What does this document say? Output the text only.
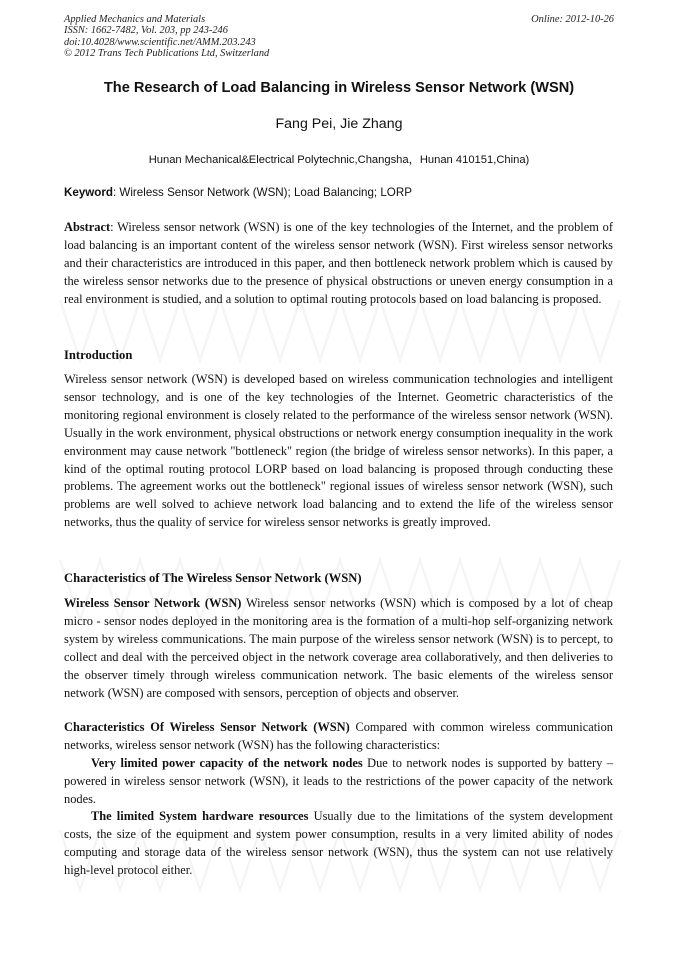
Applied Mechanics and Materials
ISSN: 1662-7482, Vol. 203, pp 243-246
doi:10.4028/www.scientific.net/AMM.203.243
© 2012 Trans Tech Publications Ltd, Switzerland
Online: 2012-10-26
The Research of Load Balancing in Wireless Sensor Network (WSN)
Fang Pei, Jie Zhang
Hunan Mechanical&Electrical Polytechnic,Changsha，Hunan 410151,China)
Keyword: Wireless Sensor Network (WSN); Load Balancing; LORP
Abstract: Wireless sensor network (WSN) is one of the key technologies of the Internet, and the problem of load balancing is an important content of the wireless sensor network (WSN). First wireless sensor networks and their characteristics are introduced in this paper, and then bottleneck network problem which is caused by the wireless sensor networks due to the presence of physical obstructions or uneven energy consumption in a real environment is studied, and a solution to optimal routing protocols based on load balancing is proposed.
Introduction
Wireless sensor network (WSN) is developed based on wireless communication technologies and intelligent sensor technology, and is one of the key technologies of the Internet. Geometric characteristics of the monitoring regional environment is closely related to the performance of the wireless sensor network (WSN). Usually in the work environment, physical obstructions or network energy consumption inequality in the work environment may cause network "bottleneck" region (the bridge of wireless sensor networks). In this paper, a kind of the optimal routing protocol LORP based on load balancing is proposed through conducting these problems. The agreement works out the bottleneck" regional issues of wireless sensor network (WSN), such problems are well solved to achieve network load balancing and to extend the life of the wireless sensor networks, thus the quality of service for wireless sensor networks is greatly improved.
Characteristics of The Wireless Sensor Network (WSN)
Wireless Sensor Network (WSN) Wireless sensor networks (WSN) which is composed by a lot of cheap micro - sensor nodes deployed in the monitoring area is the formation of a multi-hop self-organizing network system by wireless communications. The main purpose of the wireless sensor network (WSN) is to percept, to collect and deal with the perceived object in the network coverage area collaboratively, and then deliveries to the observer timely through wireless communication network. The basic elements of the wireless sensor network (WSN) are composed with sensors, perception of objects and observer.
Characteristics Of Wireless Sensor Network (WSN) Compared with common wireless communication networks, wireless sensor network (WSN) has the following characteristics:
Very limited power capacity of the network nodes Due to network nodes is supported by battery –powered in wireless sensor network (WSN), it leads to the restrictions of the power capacity of the network nodes.
The limited System hardware resources Usually due to the limitations of the system development costs, the size of the equipment and system power consumption, results in a very limited ability of nodes computing and storage data of the wireless sensor network (WSN), thus the system can not use relatively high-level protocol either.
